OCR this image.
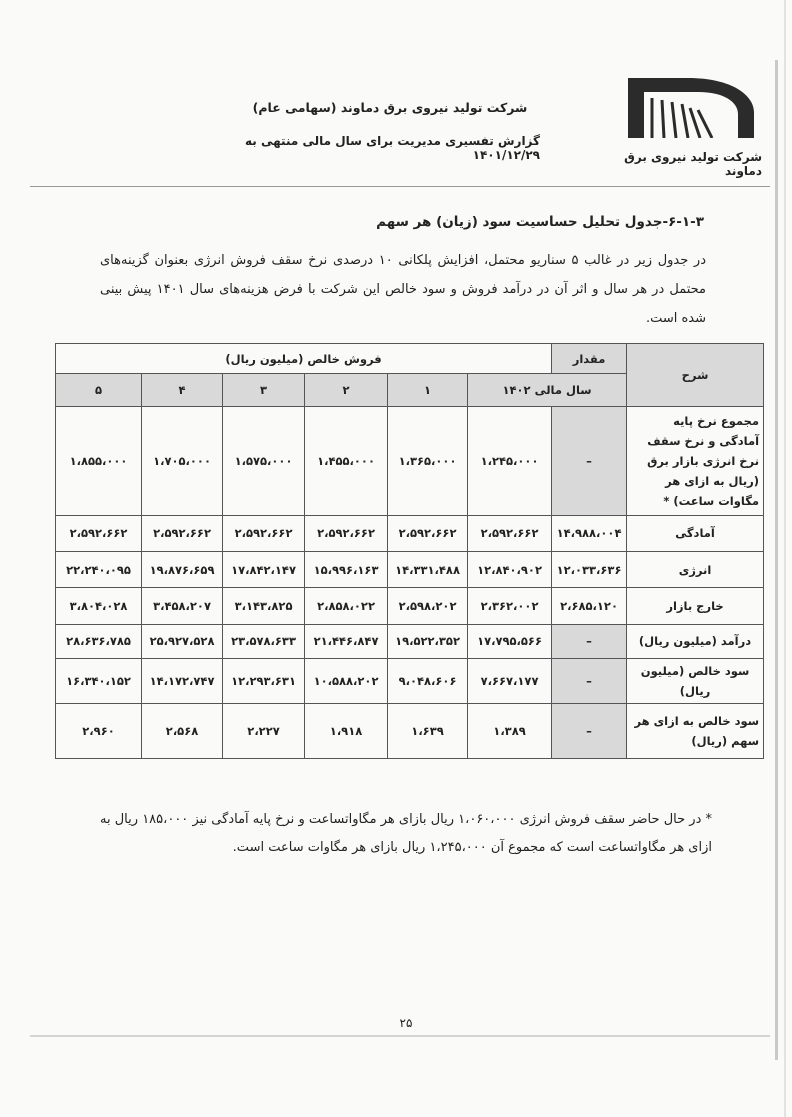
شرکت تولید نیروی برق دماوند
شرکت تولید نیروی برق دماوند (سهامی عام)
گزارش تفسیری مدیریت برای سال مالی منتهی به ۱۴۰۱/۱۲/۲۹
۶-۱-۳-جدول تحلیل حساسیت سود (زیان) هر سهم
در جدول زیر در غالب ۵ سناریو محتمل، افزایش پلکانی ۱۰ درصدی نرخ سقف فروش انرژی بعنوان گزینه‌های محتمل در هر سال و اثر آن در درآمد فروش و سود خالص این شرکت با فرض هزینه‌های سال ۱۴۰۱ پیش بینی شده است.
شرح	مقدار	فروش خالص (میلیون ریال)					
	سال مالی ۱۴۰۲		۱	۲	۳	۴	۵
مجموع نرخ پایه آمادگی و نرخ سقف نرخ انرژی بازار برق (ریال به ازای هر مگاوات ساعت) *	–	۱،۲۴۵،۰۰۰	۱،۳۶۵،۰۰۰	۱،۴۵۵،۰۰۰	۱،۵۷۵،۰۰۰	۱،۷۰۵،۰۰۰	۱،۸۵۵،۰۰۰
آمادگی	۱۴،۹۸۸،۰۰۴	۲،۵۹۲،۶۶۲	۲،۵۹۲،۶۶۲	۲،۵۹۲،۶۶۲	۲،۵۹۲،۶۶۲	۲،۵۹۲،۶۶۲	۲،۵۹۲،۶۶۲
انرژی	۱۲،۰۳۳،۶۳۶	۱۲،۸۴۰،۹۰۲	۱۴،۳۳۱،۴۸۸	۱۵،۹۹۶،۱۶۳	۱۷،۸۴۲،۱۴۷	۱۹،۸۷۶،۶۵۹	۲۲،۲۴۰،۰۹۵
خارج بازار	۲،۶۸۵،۱۲۰	۲،۳۶۲،۰۰۲	۲،۵۹۸،۲۰۲	۲،۸۵۸،۰۲۲	۳،۱۴۳،۸۲۵	۳،۴۵۸،۲۰۷	۳،۸۰۴،۰۲۸
درآمد (میلیون ریال)	–	۱۷،۷۹۵،۵۶۶	۱۹،۵۲۲،۳۵۲	۲۱،۴۴۶،۸۴۷	۲۳،۵۷۸،۶۳۳	۲۵،۹۲۷،۵۲۸	۲۸،۶۳۶،۷۸۵
سود خالص (میلیون ریال)	–	۷،۶۶۷،۱۷۷	۹،۰۴۸،۶۰۶	۱۰،۵۸۸،۲۰۲	۱۲،۲۹۳،۶۳۱	۱۴،۱۷۲،۷۴۷	۱۶،۳۴۰،۱۵۲
سود خالص به ازای هر سهم (ریال)	–	۱،۳۸۹	۱،۶۳۹	۱،۹۱۸	۲،۲۲۷	۲،۵۶۸	۲،۹۶۰
* در حال حاضر سقف فروش انرژی ۱،۰۶۰،۰۰۰ ریال بازای هر مگاواتساعت و نرخ پایه آمادگی نیز ۱۸۵،۰۰۰ ریال به ازای هر مگاواتساعت است که مجموع آن ۱،۲۴۵،۰۰۰ ریال بازای هر مگاوات ساعت است.
۲۵
